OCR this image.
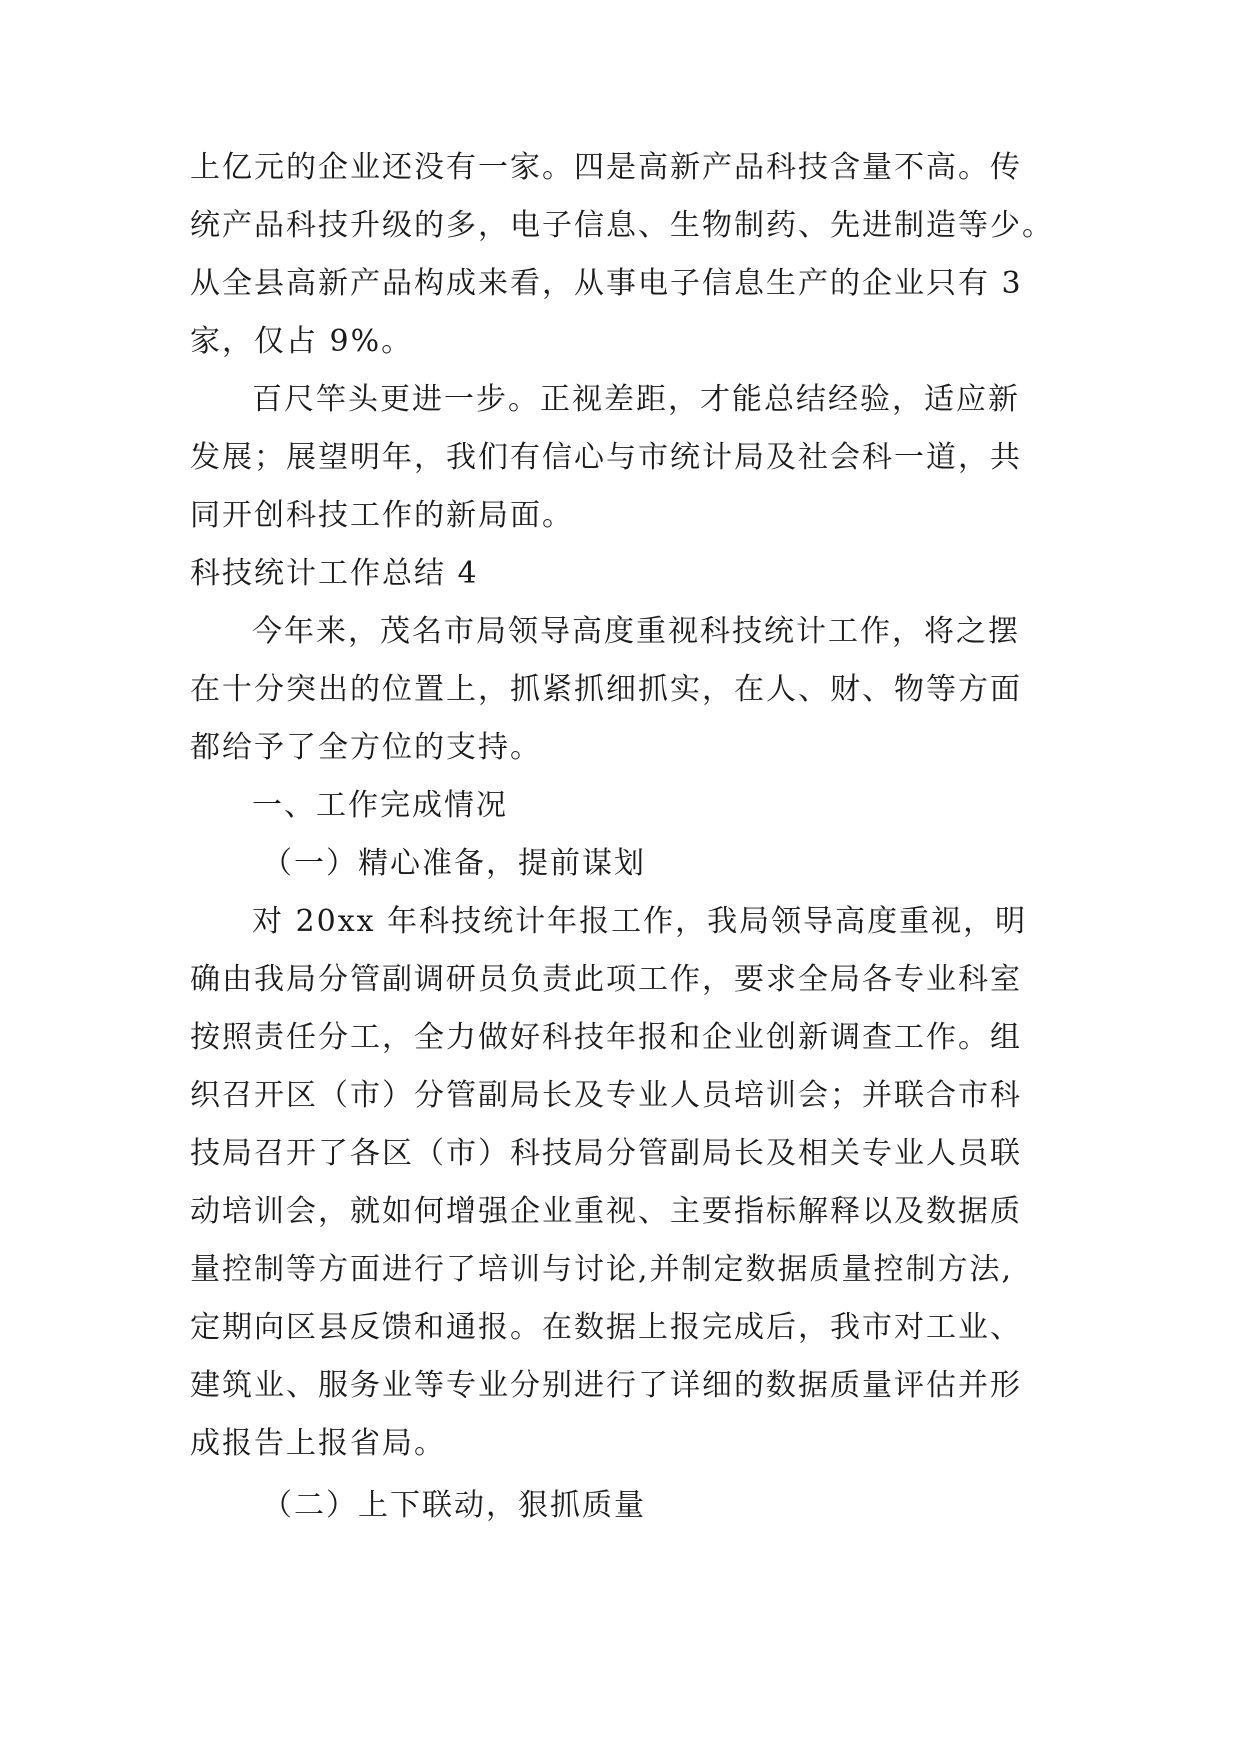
上亿元的企业还没有一家。四是高新产品科技含量不高。传
统产品科技升级的多，电子信息、生物制药、先进制造等少。
从全县高新产品构成来看，从事电子信息生产的企业只有 3
家，仅占 9%。
百尺竿头更进一步。正视差距，才能总结经验，适应新
发展；展望明年，我们有信心与市统计局及社会科一道，共
同开创科技工作的新局面。
科技统计工作总结 4
今年来，茂名市局领导高度重视科技统计工作，将之摆
在十分突出的位置上，抓紧抓细抓实，在人、财、物等方面
都给予了全方位的支持。
一、工作完成情况
（一）精心准备，提前谋划
对 20xx 年科技统计年报工作，我局领导高度重视，明
确由我局分管副调研员负责此项工作，要求全局各专业科室
按照责任分工，全力做好科技年报和企业创新调查工作。组
织召开区（市）分管副局长及专业人员培训会；并联合市科
技局召开了各区（市）科技局分管副局长及相关专业人员联
动培训会，就如何增强企业重视、主要指标解释以及数据质
量控制等方面进行了培训与讨论,并制定数据质量控制方法,
定期向区县反馈和通报。在数据上报完成后，我市对工业、
建筑业、服务业等专业分别进行了详细的数据质量评估并形
成报告上报省局。
（二）上下联动，狠抓质量
